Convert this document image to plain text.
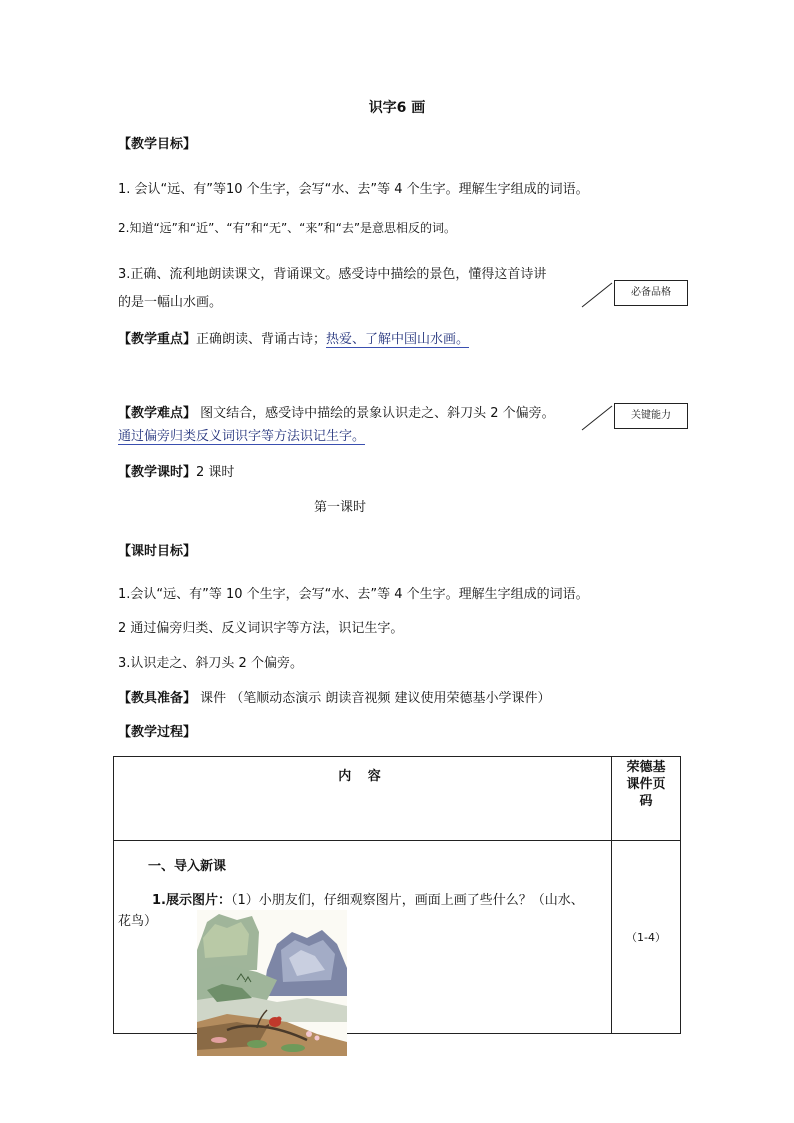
识字6 画
【教学目标】
1. 会认“远、有”等10 个生字，会写“水、去”等 4 个生字。理解生字组成的词语。
2.知道“远”和“近”、“有”和“无”、“来”和“去”是意思相反的词。
3.正确、流利地朗读课文，背诵课文。感受诗中描绘的景色，懂得这首诗讲
的是一幅山水画。
必备品格
【教学重点】正确朗读、背诵古诗；热爱、了解中国山水画。
【教学难点】 图文结合，感受诗中描绘的景象认识走之、斜刀头 2 个偏旁。
通过偏旁归类反义词识字等方法识记生字。
关键能力
【教学课时】2 课时
第一课时
【课时目标】
1.会认“远、有”等 10 个生字，会写“水、去”等 4 个生字。理解生字组成的词语。
2 通过偏旁归类、反义词识字等方法，识记生字。
3.认识走之、斜刀头 2 个偏旁。
【教具准备】 课件 （笔顺动态演示 朗读音视频 建议使用荣德基小学课件）
【教学过程】
内 容	荣德基
课件页
码

一、导入新课
1.展示图片：（1）小朋友们，仔细观察图片，画面上画了些什么？（山水、
花鸟）	（1-4）
